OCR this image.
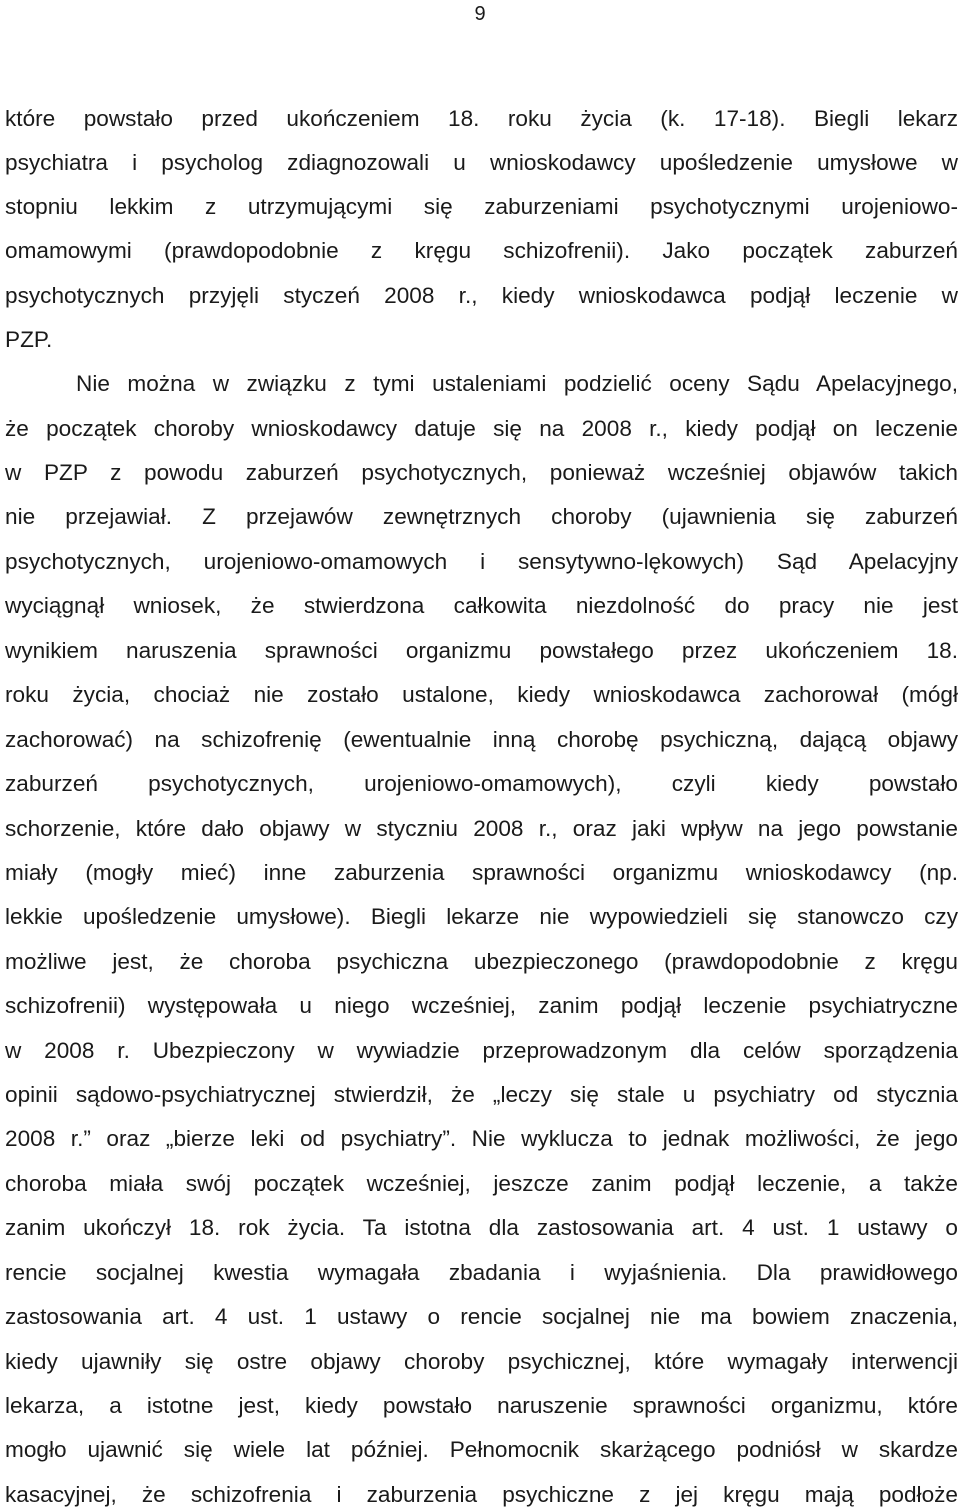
9
które powstało przed ukończeniem 18. roku życia (k. 17-18). Biegli lekarz
psychiatra i psycholog zdiagnozowali u wnioskodawcy upośledzenie umysłowe w
stopniu lekkim z utrzymującymi się zaburzeniami psychotycznymi urojeniowo-
omamowymi (prawdopodobnie z kręgu schizofrenii). Jako początek zaburzeń
psychotycznych przyjęli styczeń 2008 r., kiedy wnioskodawca podjął leczenie w
PZP.
Nie można w związku z tymi ustaleniami podzielić oceny Sądu Apelacyjnego,
że początek choroby wnioskodawcy datuje się na 2008 r., kiedy podjął on leczenie
w PZP z powodu zaburzeń psychotycznych, ponieważ wcześniej objawów takich
nie przejawiał. Z przejawów zewnętrznych choroby (ujawnienia się zaburzeń
psychotycznych, urojeniowo-omamowych i sensytywno-lękowych) Sąd Apelacyjny
wyciągnął wniosek, że stwierdzona całkowita niezdolność do pracy nie jest
wynikiem naruszenia sprawności organizmu powstałego przez ukończeniem 18.
roku życia, chociaż nie zostało ustalone, kiedy wnioskodawca zachorował (mógł
zachorować) na schizofrenię (ewentualnie inną chorobę psychiczną, dającą objawy
zaburzeń psychotycznych, urojeniowo-omamowych), czyli kiedy powstało
schorzenie, które dało objawy w styczniu 2008 r., oraz jaki wpływ na jego powstanie
miały (mogły mieć) inne zaburzenia sprawności organizmu wnioskodawcy (np.
lekkie upośledzenie umysłowe). Biegli lekarze nie wypowiedzieli się stanowczo czy
możliwe jest, że choroba psychiczna ubezpieczonego (prawdopodobnie z kręgu
schizofrenii) występowała u niego wcześniej, zanim podjął leczenie psychiatryczne
w 2008 r. Ubezpieczony w wywiadzie przeprowadzonym dla celów sporządzenia
opinii sądowo-psychiatrycznej stwierdził, że „leczy się stale u psychiatry od stycznia
2008 r.” oraz „bierze leki od psychiatry”. Nie wyklucza to jednak możliwości, że jego
choroba miała swój początek wcześniej, jeszcze zanim podjął leczenie, a także
zanim ukończył 18. rok życia. Ta istotna dla zastosowania art. 4 ust. 1 ustawy o
rencie socjalnej kwestia wymagała zbadania i wyjaśnienia. Dla prawidłowego
zastosowania art. 4 ust. 1 ustawy o rencie socjalnej nie ma bowiem znaczenia,
kiedy ujawniły się ostre objawy choroby psychicznej, które wymagały interwencji
lekarza, a istotne jest, kiedy powstało naruszenie sprawności organizmu, które
mogło ujawnić się wiele lat później. Pełnomocnik skarżącego podniósł w skardze
kasacyjnej, że schizofrenia i zaburzenia psychiczne z jej kręgu mają podłoże
